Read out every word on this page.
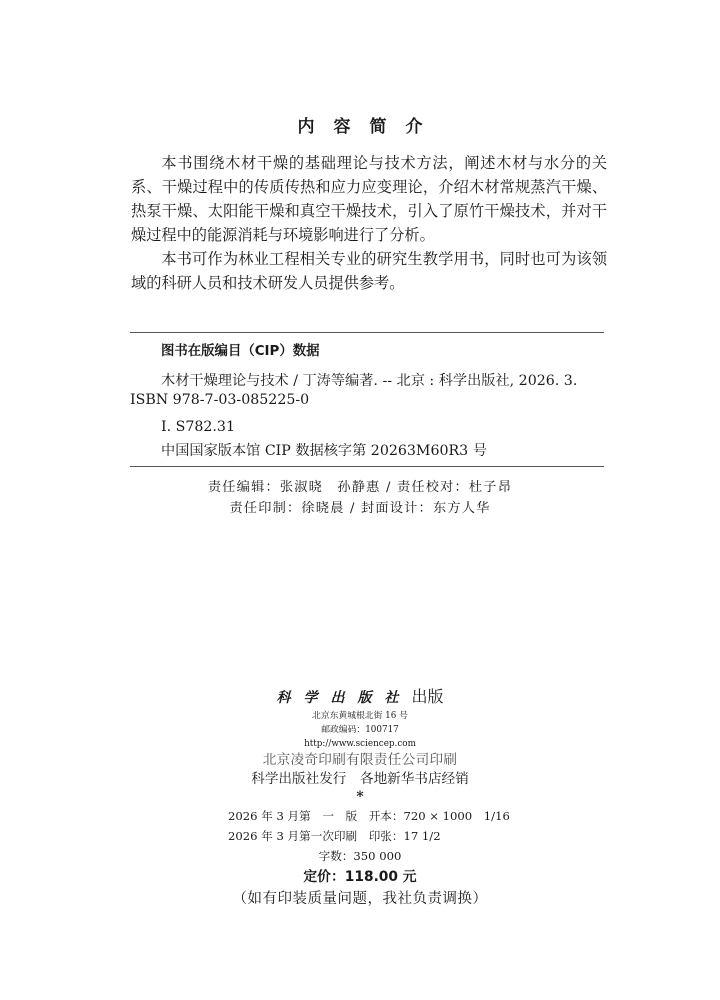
内容简介

本书围绕木材干燥的基础理论与技术方法，阐述木材与水分的关系、干燥过程中的传质传热和应力应变理论，介绍木材常规蒸汽干燥、热泵干燥、太阳能干燥和真空干燥技术，引入了原竹干燥技术，并对干燥过程中的能源消耗与环境影响进行了分析。

本书可作为林业工程相关专业的研究生教学用书，同时也可为该领域的科研人员和技术研发人员提供参考。

图书在版编目（CIP）数据
木材干燥理论与技术 / 丁涛等编著. -- 北京 : 科学出版社, 2026. 3.
ISBN 978-7-03-085225-0
Ⅰ. S782.31
中国国家版本馆 CIP 数据核字第 20263M60R3 号
责任编辑：张淑晓　孙静惠 / 责任校对：杜子昂
责任印制：徐晓晨 / 封面设计：东方人华
科学出版社出版
北京东黄城根北街 16 号
邮政编码：100717
http://www.sciencep.com
北京凌奇印刷有限责任公司印刷
科学出版社发行　各地新华书店经销
*
2026 年 3 月第　一　版　开本：720 × 1000　1/16
2026 年 3 月第一次印刷　印张：17 1/2
字数：350 000
定价：118.00 元
（如有印装质量问题，我社负责调换）
